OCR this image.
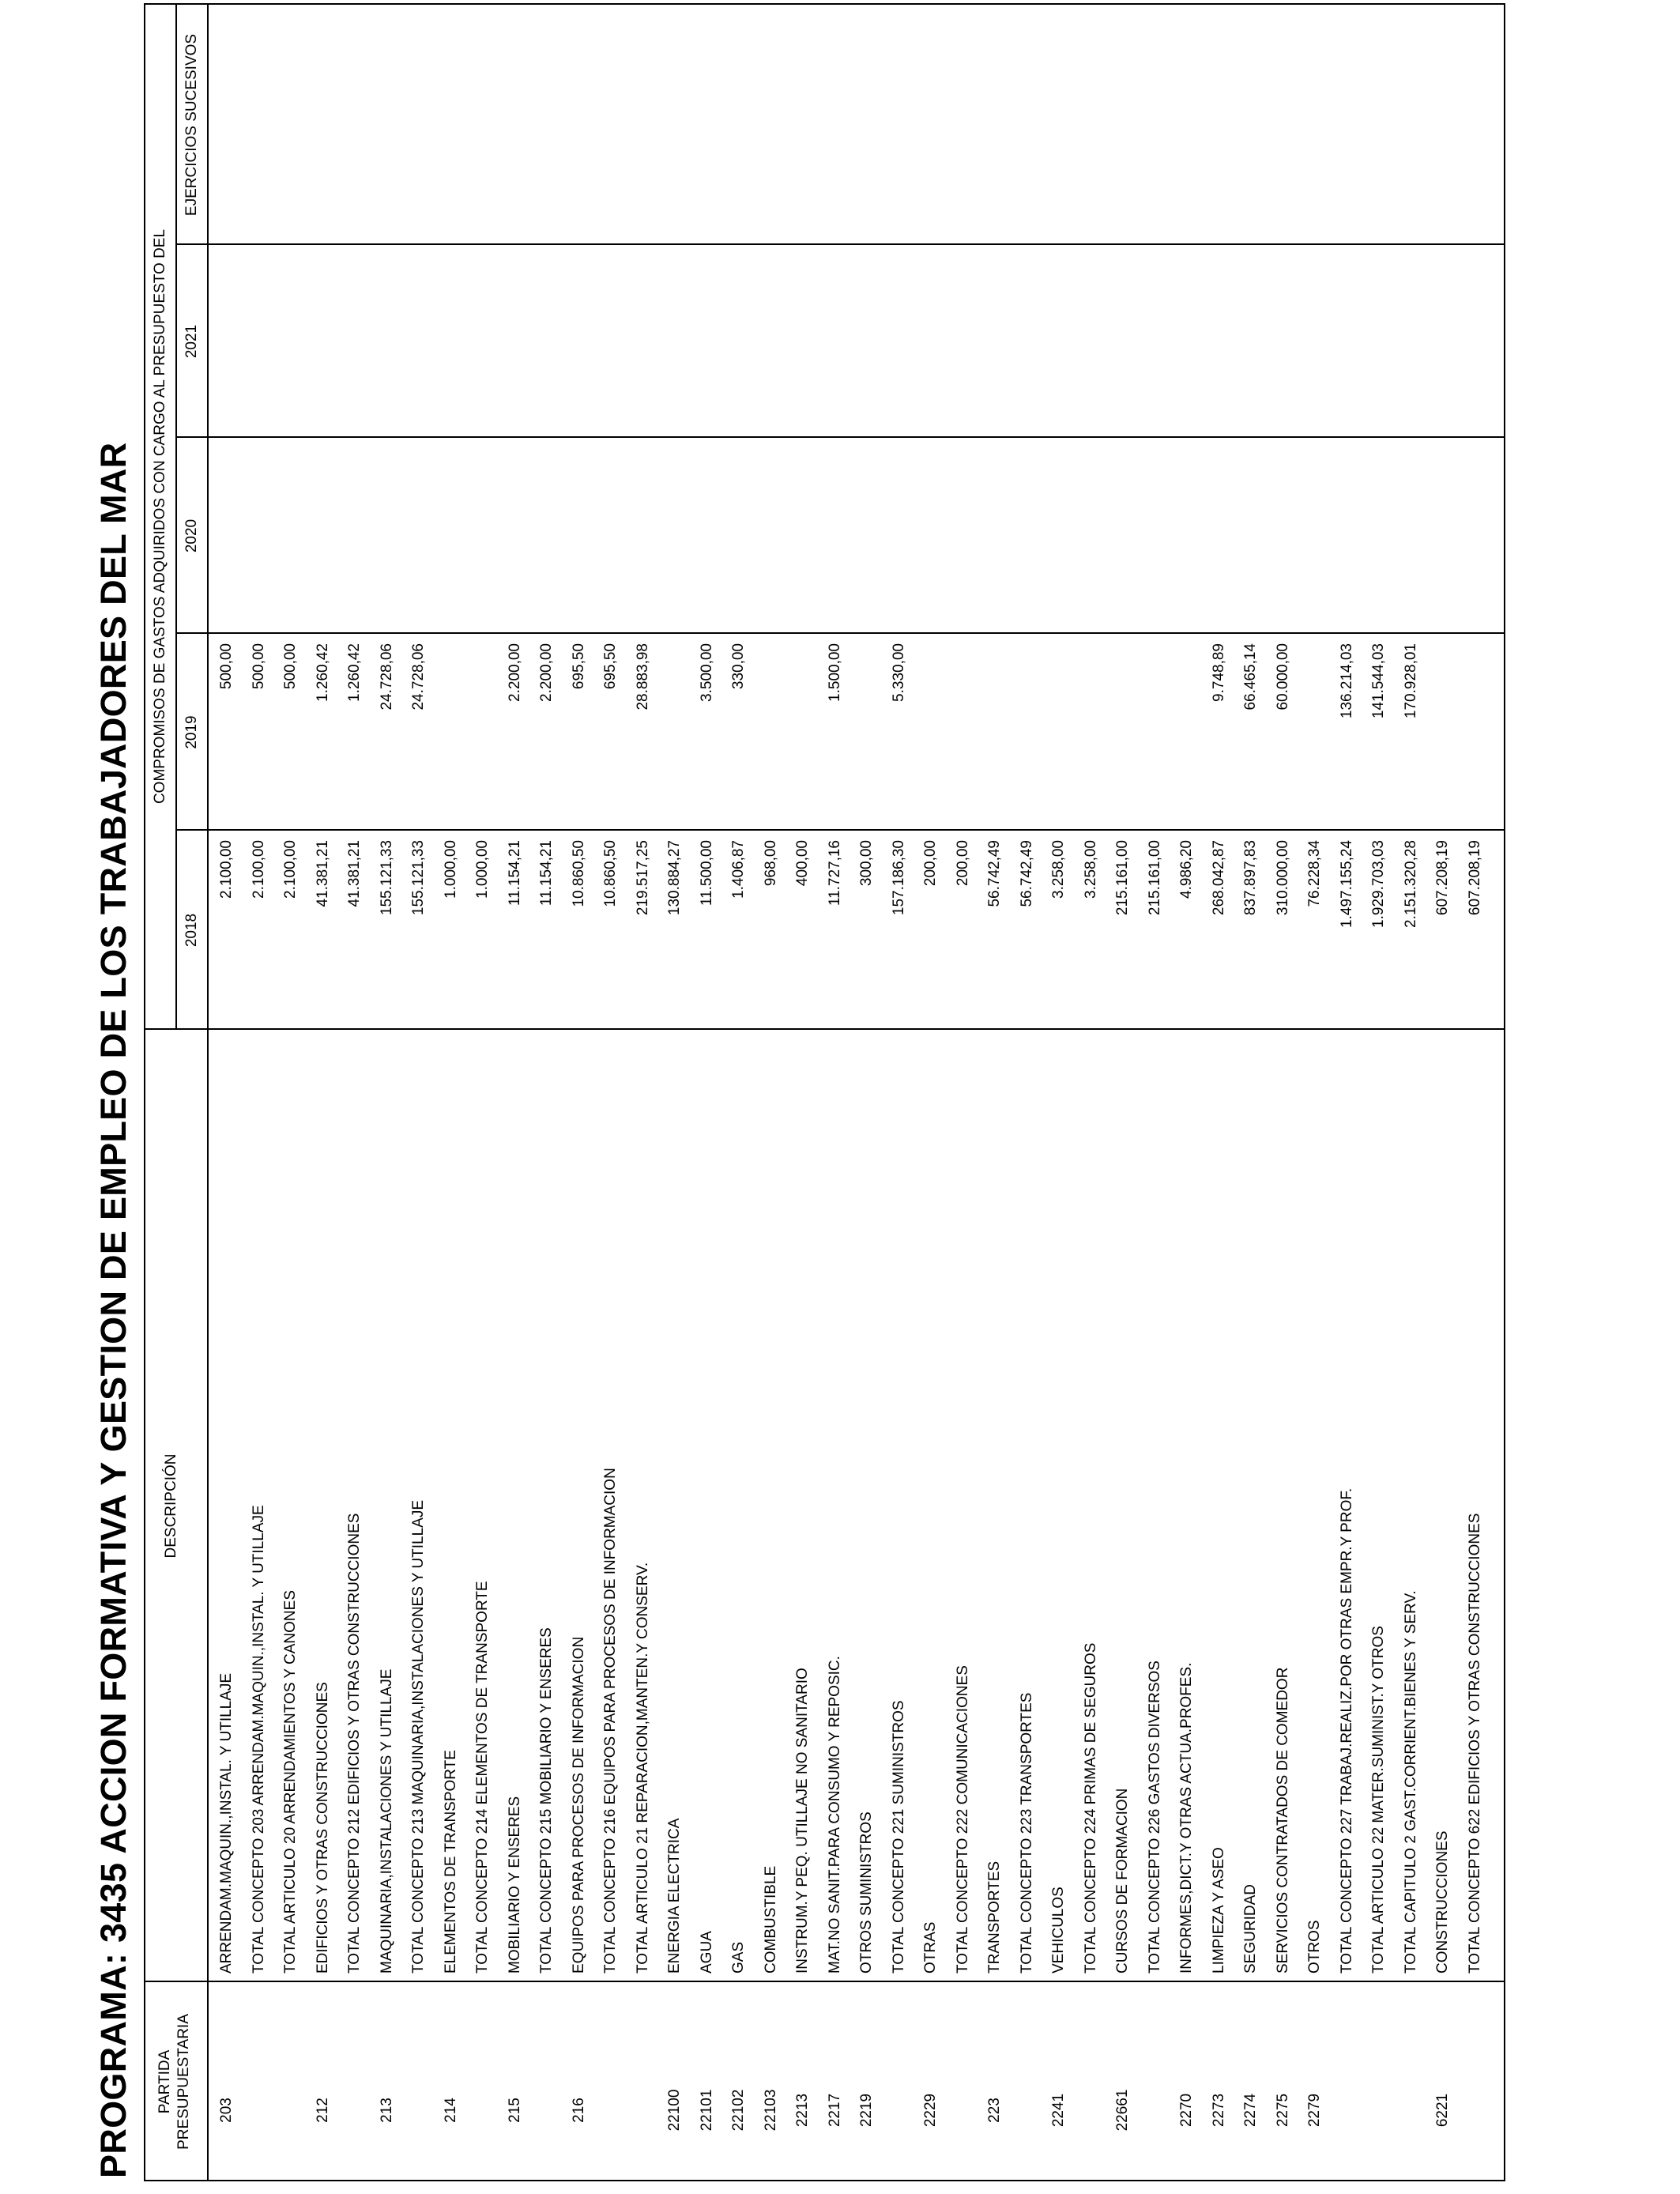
PROGRAMA: 3435 ACCION FORMATIVA Y GESTION DE EMPLEO DE LOS TRABAJADORES DEL MAR PARTIDA PRESUPUESTARIA
DESCRIPCIÓN
COMPROMISOS DE GASTOS ADQUIRIDOS CON CARGO AL PRESUPUESTO DEL
2018
2019
2020
2021
EJERCICIOS SUCESIVOS
203
ARRENDAM.MAQUIN.,INSTAL. Y UTILLAJE
2.100,00
500,00
TOTAL CONCEPTO 203 ARRENDAM.MAQUIN.,INSTAL. Y UTILLAJE
2.100,00
500,00
TOTAL ARTICULO 20 ARRENDAMIENTOS Y CANONES
2.100,00
500,00
212
EDIFICIOS Y OTRAS CONSTRUCCIONES
41.381,21
1.260,42
TOTAL CONCEPTO 212 EDIFICIOS Y OTRAS CONSTRUCCIONES
41.381,21
1.260,42
213
MAQUINARIA,INSTALACIONES Y UTILLAJE
155.121,33
24.728,06
TOTAL CONCEPTO 213 MAQUINARIA,INSTALACIONES Y UTILLAJE
155.121,33
24.728,06
214
ELEMENTOS DE TRANSPORTE
1.000,00
TOTAL CONCEPTO 214 ELEMENTOS DE TRANSPORTE
1.000,00
215
MOBILIARIO Y ENSERES
11.154,21
2.200,00
TOTAL CONCEPTO 215 MOBILIARIO Y ENSERES
11.154,21
2.200,00
216
EQUIPOS PARA PROCESOS DE INFORMACION
10.860,50
695,50
TOTAL CONCEPTO 216 EQUIPOS PARA PROCESOS DE INFORMACION
10.860,50
695,50
TOTAL ARTICULO 21 REPARACION,MANTEN.Y CONSERV.
219.517,25
28.883,98
22100
ENERGIA ELECTRICA
130.884,27
22101
AGUA
11.500,00
3.500,00
22102
GAS
1.406,87
330,00
22103
COMBUSTIBLE
968,00
2213
INSTRUM.Y PEQ. UTILLAJE NO SANITARIO
400,00
2217
MAT.NO SANIT.PARA CONSUMO Y REPOSIC.
11.727,16
1.500,00
2219
OTROS SUMINISTROS
300,00
TOTAL CONCEPTO 221 SUMINISTROS
157.186,30
5.330,00
2229
OTRAS
200,00
TOTAL CONCEPTO 222 COMUNICACIONES
200,00
223
TRANSPORTES
56.742,49
TOTAL CONCEPTO 223 TRANSPORTES
56.742,49
2241
VEHICULOS
3.258,00
TOTAL CONCEPTO 224 PRIMAS DE SEGUROS
3.258,00
22661
CURSOS DE FORMACION
215.161,00
TOTAL CONCEPTO 226 GASTOS DIVERSOS
215.161,00
2270
INFORMES,DICT.Y OTRAS ACTUA.PROFES.
4.986,20
2273
LIMPIEZA Y ASEO
268.042,87
9.748,89
2274
SEGURIDAD
837.897,83
66.465,14
2275
SERVICIOS CONTRATADOS DE COMEDOR
310.000,00
60.000,00
2279
OTROS
76.228,34
TOTAL CONCEPTO 227 TRABAJ.REALIZ.POR OTRAS EMPR.Y PROF.
1.497.155,24
136.214,03
TOTAL ARTICULO 22 MATER.SUMINIST.Y OTROS
1.929.703,03
141.544,03
TOTAL CAPITULO 2 GAST.CORRIENT.BIENES Y SERV.
2.151.320,28
170.928,01
6221
CONSTRUCCIONES
607.208,19
TOTAL CONCEPTO 622 EDIFICIOS Y OTRAS CONSTRUCCIONES
607.208,19
